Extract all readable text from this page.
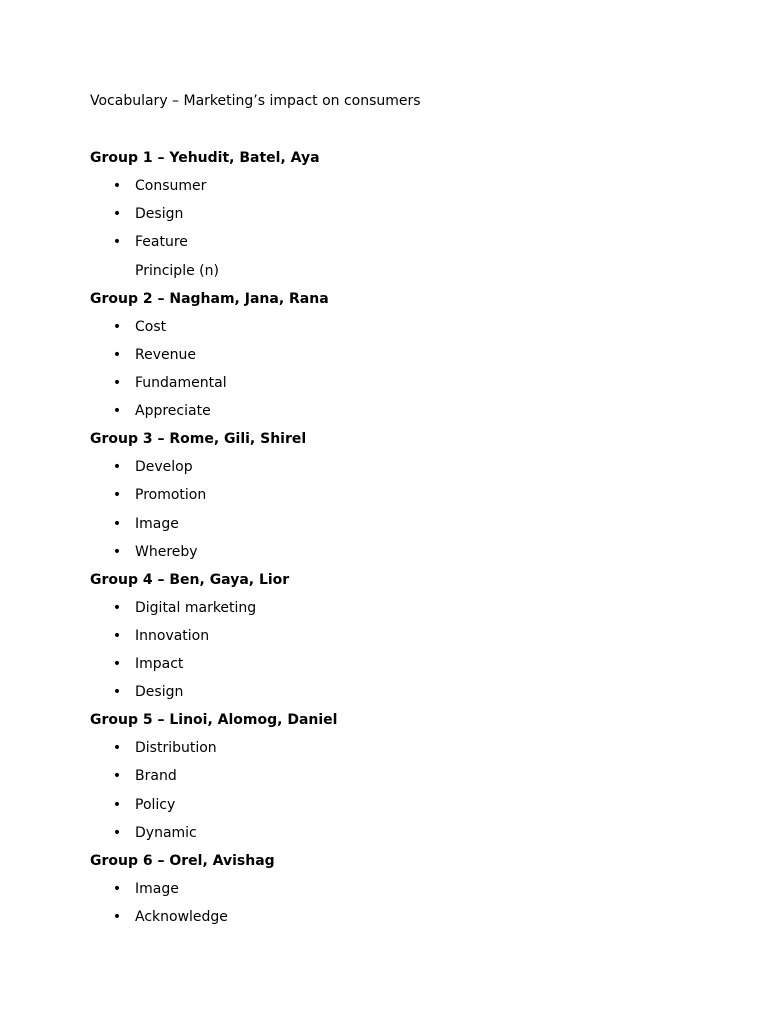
Vocabulary – Marketing’s impact on consumers
Group 1 – Yehudit, Batel, Aya
• Consumer
• Design
• Feature
Principle (n)
Group 2 – Nagham, Jana, Rana
• Cost
• Revenue
• Fundamental
• Appreciate
Group 3 – Rome, Gili, Shirel
• Develop
• Promotion
• Image
• Whereby
Group 4 – Ben, Gaya, Lior
• Digital marketing
• Innovation
• Impact
• Design
Group 5 – Linoi, Alomog, Daniel
• Distribution
• Brand
• Policy
• Dynamic
Group 6 – Orel, Avishag
• Image
• Acknowledge
